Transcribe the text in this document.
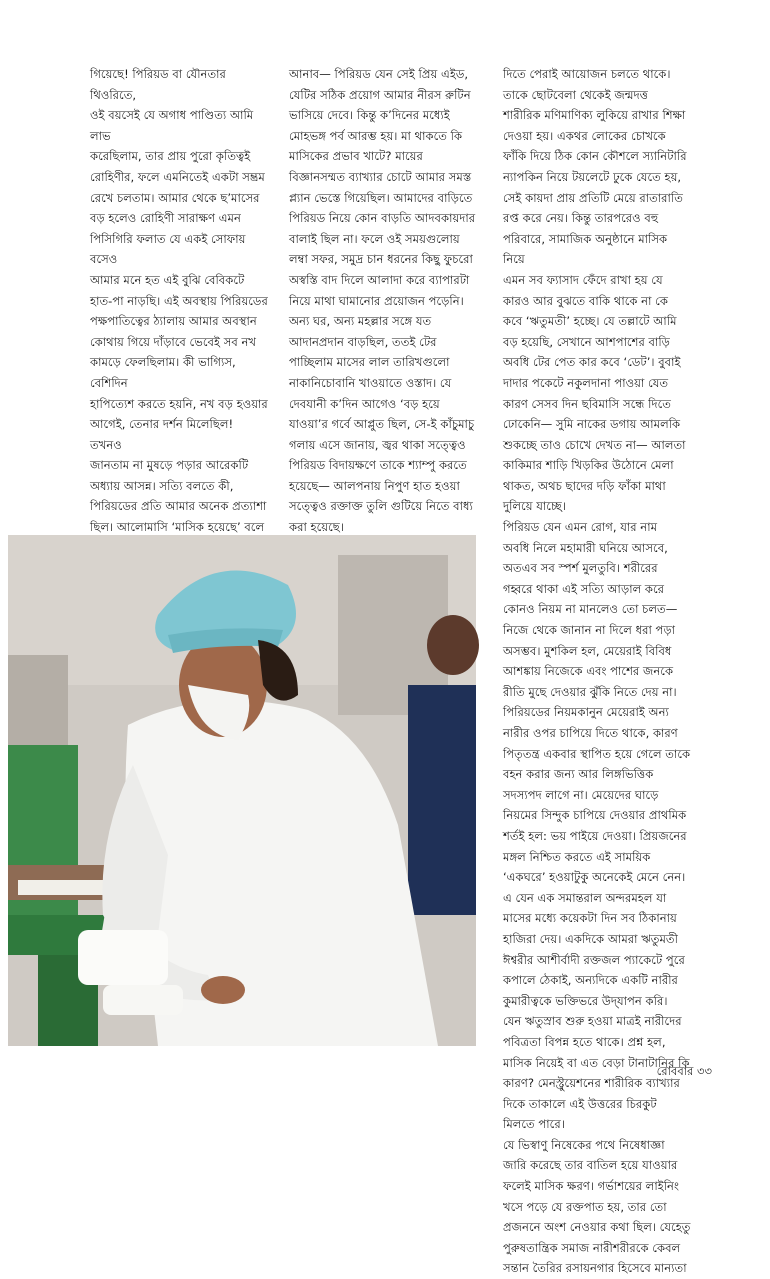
গিয়েছে! পিরিয়ড বা যৌনতার থিওরিতে,
ওই বয়সেই যে অগাধ পাণ্ডিত্য আমি লাভ
করেছিলাম, তার প্রায় পুরো কৃতিত্বই
রোহিণীর, ফলে এমনিতেই একটা সম্ভ্রম
রেখে চলতাম। আমার থেকে ছ’মাসের
বড় হলেও রোহিণী সারাক্ষণ এমন
পিসিগিরি ফলাত যে একই সোফায় বসেও
আমার মনে হত এই বুঝি বেবিকটে
হাত-পা নাড়ছি। এই অবস্থায় পিরিয়ডের
পক্ষপাতিত্বের ঠ্যালায় আমার অবস্থান
কোথায় গিয়ে দাঁড়াবে ভেবেই সব নখ
কামড়ে ফেলছিলাম। কী ভাগ্যিস, বেশিদিন
হাপিত্যেশ করতে হয়নি, নখ বড় হওয়ার
আগেই, তেনার দর্শন মিলেছিল! তখনও
জানতাম না মুষড়ে পড়ার আরেকটি
অধ্যায় আসন্ন। সত্যি বলতে কী,
পিরিয়ডের প্রতি আমার অনেক প্রত্যাশা
ছিল। আলোমাসি ‘মাসিক হয়েছে’ বলে

আনাব— পিরিয়ড যেন সেই প্রিয় এইড,
যেটির সঠিক প্রয়োগ আমার নীরস রুটিন
ভাসিয়ে দেবে। কিন্তু ক’দিনের মধ্যেই
মোহভঙ্গ পর্ব আরম্ভ হয়। মা থাকতে কি
মাসিকের প্রভাব খাটে? মায়ের
বিজ্ঞানসম্মত ব্যাখ্যার চোটে আমার সমস্ত
প্ল্যান ভেস্তে গিয়েছিল। আমাদের বাড়িতে
পিরিয়ড নিয়ে কোন বাড়তি আদবকায়দার
বালাই ছিল না। ফলে ওই সময়গুলোয়
লম্বা সফর, সমুদ্র চান ধরনের কিছু ফুচরো
অস্বস্তি বাদ দিলে আলাদা করে ব্যাপারটা
নিয়ে মাথা ঘামানোর প্রয়োজন পড়েনি।
অন্য ঘর, অন্য মহল্লার সঙ্গে যত
আদানপ্রদান বাড়ছিল, ততই টের
পাচ্ছিলাম মাসের লাল তারিখগুলো
নাকানিচোবানি খাওয়াতে ওস্তাদ। যে
দেবযানী ক’দিন আগেও ‘বড় হয়ে
যাওয়া’র গর্বে আপ্লুত ছিল, সে-ই কাঁচুমাচু
গলায় এসে জানায়, জ্বর থাকা সত্ত্বেও
পিরিয়ড বিদায়ক্ষণে তাকে শ্যাম্পু করতে
হয়েছে— আলপনায় নিপুণ হাত হওয়া
সত্ত্বেও রক্তাক্ত তুলি গুটিয়ে নিতে বাধ্য
করা হয়েছে।

দিতে পেরাই আয়োজন চলতে থাকে।
তাকে ছোটবেলা থেকেই জন্মদত্ত
শারীরিক মণিমাণিক্য লুকিয়ে রাখার শিক্ষা
দেওয়া হয়। একথর লোকের চোখকে
ফাঁকি দিয়ে ঠিক কোন কৌশলে স্যানিটারি
ন্যাপকিন নিয়ে টয়লেটে ঢুকে যেতে হয়,
সেই কায়দা প্রায় প্রতিটি মেয়ে রাতারাতি
রপ্ত করে নেয়। কিন্তু তারপরেও বহু
পরিবারে, সামাজিক অনুষ্ঠানে মাসিক নিয়ে
এমন সব ফ্যাসাদ ফেঁদে রাখা হয় যে
কারও আর বুঝতে বাকি থাকে না কে
কবে ‘ঋতুমতী’ হচ্ছে। যে তল্লাটে আমি
বড় হয়েছি, সেখানে আশপাশের বাড়ি
অবধি টের পেত কার কবে ‘ডেট’। বুবাই
দাদার পকেটে নকুলদানা পাওয়া যেত
কারণ সেসব দিন ছবিমাসি সন্ধে দিতে
ঢোকেনি— সুমি নাকের ডগায় আমলকি
শুকচ্ছে তাও চোখে দেখত না— আলতা
কাকিমার শাড়ি খিড়কির উঠোনে মেলা
থাকত, অথচ ছাদের দড়ি ফাঁকা মাথা
দুলিয়ে যাচ্ছে।

পিরিয়ড যেন এমন রোগ, যার নাম
অবধি নিলে মহামারী ঘনিয়ে আসবে,
অতএব সব স্পর্শ মুলতুবি। শরীরের
গহ্বরে থাকা এই সত্যি আড়াল করে
কোনও নিয়ম না মানলেও তো চলত—
নিজে থেকে জানান না দিলে ধরা পড়া
অসম্ভব। মুশকিল হল, মেয়েরাই বিবিধ
আশঙ্কায় নিজেকে এবং পাশের জনকে
রীতি মুছে দেওয়ার ঝুঁকি নিতে দেয় না।
পিরিয়ডের নিয়মকানুন মেয়েরাই অন্য
নারীর ওপর চাপিয়ে দিতে থাকে, কারণ
পিতৃতন্ত্র একবার স্থাপিত হয়ে গেলে তাকে
বহন করার জন্য আর লিঙ্গভিত্তিক
সদস্যপদ লাগে না। মেয়েদের ঘাড়ে
নিয়মের সিন্দুক চাপিয়ে দেওয়ার প্রাথমিক
শর্তই হল: ভয় পাইয়ে দেওয়া। প্রিয়জনের
মঙ্গল নিশ্চিত করতে এই সাময়িক
‘একঘরে’ হওয়াটুকু অনেকেই মেনে নেন।
এ যেন এক সমান্তরাল অন্দরমহল যা
মাসের মধ্যে কয়েকটা দিন সব ঠিকানায়
হাজিরা দেয়। একদিকে আমরা ঋতুমতী
ঈশ্বরীর আশীর্বাদী রক্তজল প্যাকেটে পুরে
কপালে ঠেকাই, অন্যদিকে একটি নারীর
কুমারীত্বকে ভক্তিভরে উদ্‌যাপন করি।
যেন ঋতুস্রাব শুরু হওয়া মাত্রই নারীদের
পবিত্রতা বিপন্ন হতে থাকে। প্রশ্ন হল,
মাসিক নিয়েই বা এত বেড়া টানাটানির কি
কারণ? মেনস্ট্রুয়েশনের শারীরিক ব্যাখ্যার
দিকে তাকালে এই উত্তরের চিরকুট
মিলতে পারে।

যে ভিস্বাণু নিষেকের পথে নিষেধাজ্ঞা
জারি করেছে তার বাতিল হয়ে যাওয়ার
ফলেই মাসিক ক্ষরণ। গর্ভাশয়ের লাইনিং
খসে পড়ে যে রক্তপাত হয়, তার তো
প্রজননে অংশ নেওয়ার কথা ছিল। যেহেতু
পুরুষতান্ত্রিক সমাজ নারীশরীরকে কেবল
সন্তান তৈরির রসায়নগার হিসেবে মান্যতা

রোববার ৩৩
